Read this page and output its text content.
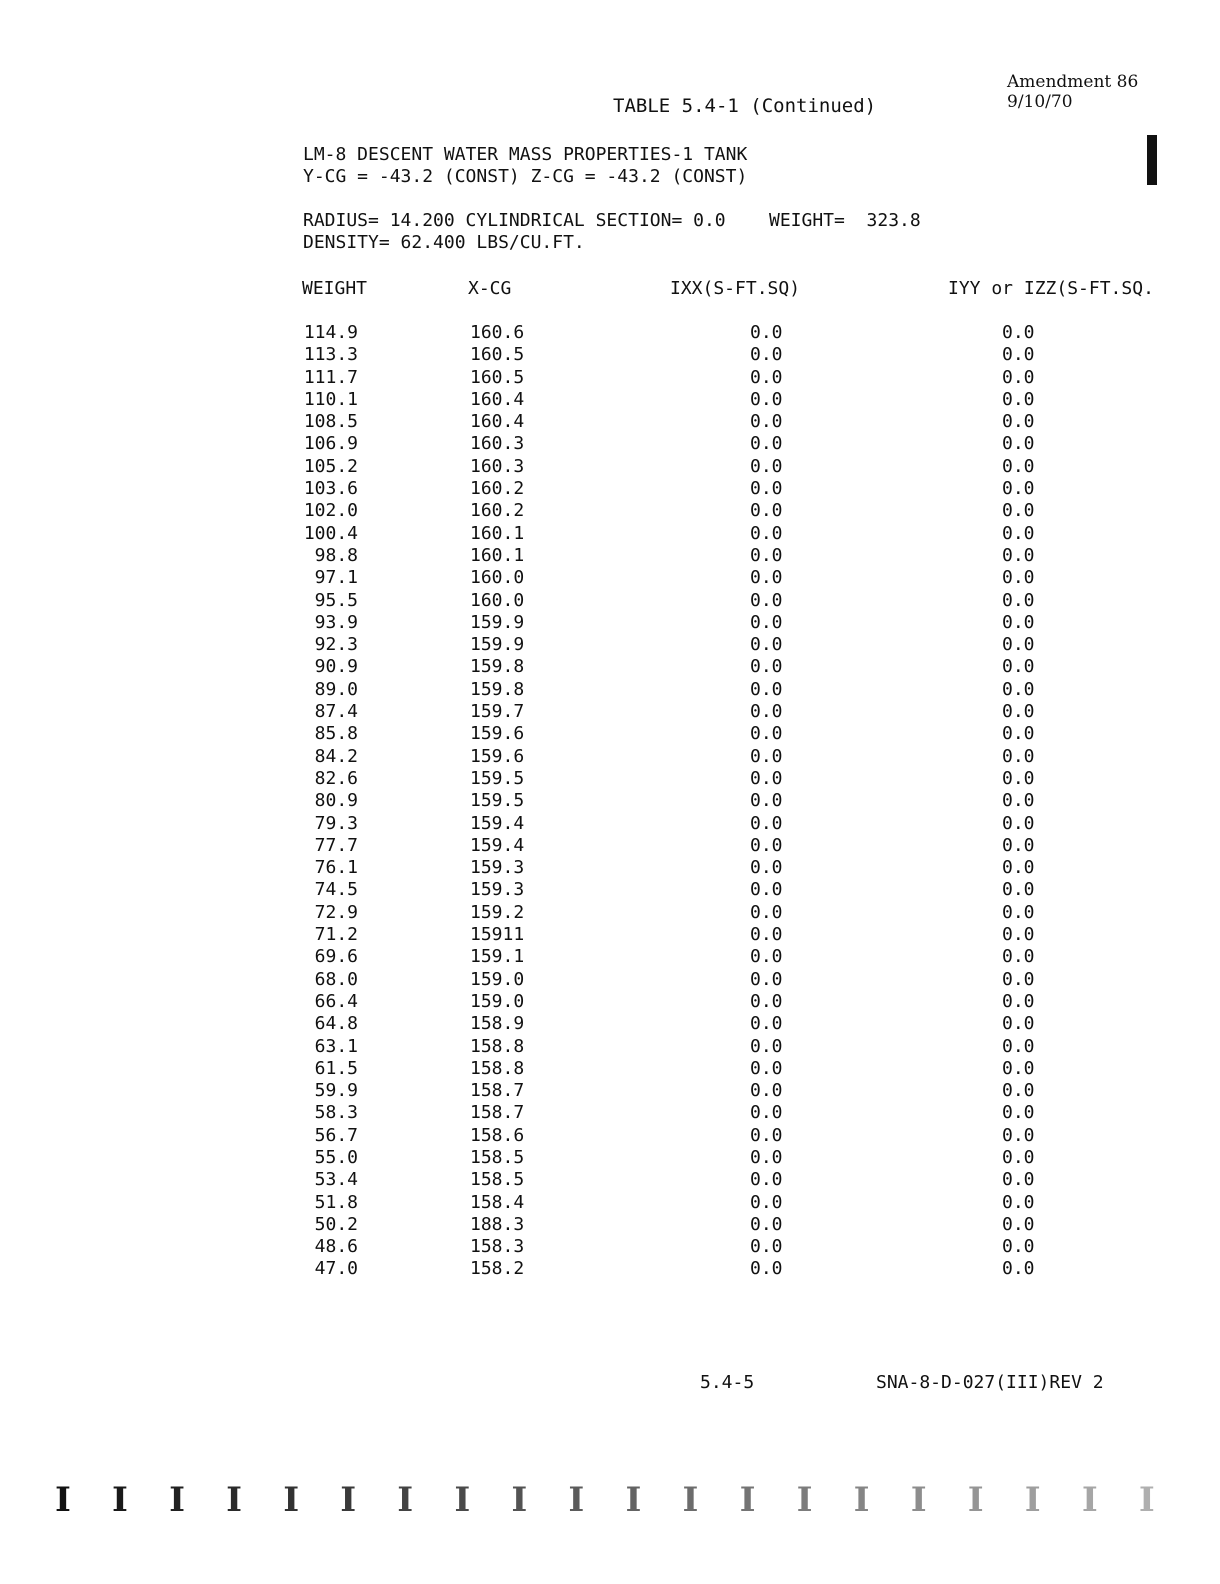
Amendment 86
9/10/70
TABLE 5.4-1 (Continued)
LM-8 DESCENT WATER MASS PROPERTIES-1 TANK
Y-CG = -43.2 (CONST) Z-CG = -43.2 (CONST)
RADIUS= 14.200 CYLINDRICAL SECTION= 0.0    WEIGHT=  323.8
DENSITY= 62.400 LBS/CU.FT.
WEIGHT	X-CG	IXX(S-FT.SQ)	IYY or IZZ(S-FT.SQ.
114.9	160.6	0.0	0.0
113.3	160.5	0.0	0.0
111.7	160.5	0.0	0.0
110.1	160.4	0.0	0.0
108.5	160.4	0.0	0.0
106.9	160.3	0.0	0.0
105.2	160.3	0.0	0.0
103.6	160.2	0.0	0.0
102.0	160.2	0.0	0.0
100.4	160.1	0.0	0.0
98.8	160.1	0.0	0.0
97.1	160.0	0.0	0.0
95.5	160.0	0.0	0.0
93.9	159.9	0.0	0.0
92.3	159.9	0.0	0.0
90.9	159.8	0.0	0.0
89.0	159.8	0.0	0.0
87.4	159.7	0.0	0.0
85.8	159.6	0.0	0.0
84.2	159.6	0.0	0.0
82.6	159.5	0.0	0.0
80.9	159.5	0.0	0.0
79.3	159.4	0.0	0.0
77.7	159.4	0.0	0.0
76.1	159.3	0.0	0.0
74.5	159.3	0.0	0.0
72.9	159.2	0.0	0.0
71.2	15911	0.0	0.0
69.6	159.1	0.0	0.0
68.0	159.0	0.0	0.0
66.4	159.0	0.0	0.0
64.8	158.9	0.0	0.0
63.1	158.8	0.0	0.0
61.5	158.8	0.0	0.0
59.9	158.7	0.0	0.0
58.3	158.7	0.0	0.0
56.7	158.6	0.0	0.0
55.0	158.5	0.0	0.0
53.4	158.5	0.0	0.0
51.8	158.4	0.0	0.0
50.2	188.3	0.0	0.0
48.6	158.3	0.0	0.0
47.0	158.2	0.0	0.0
5.4-5	SNA-8-D-027(III)REV 2
I I I I I I I I I I I I I I I I I I I I
